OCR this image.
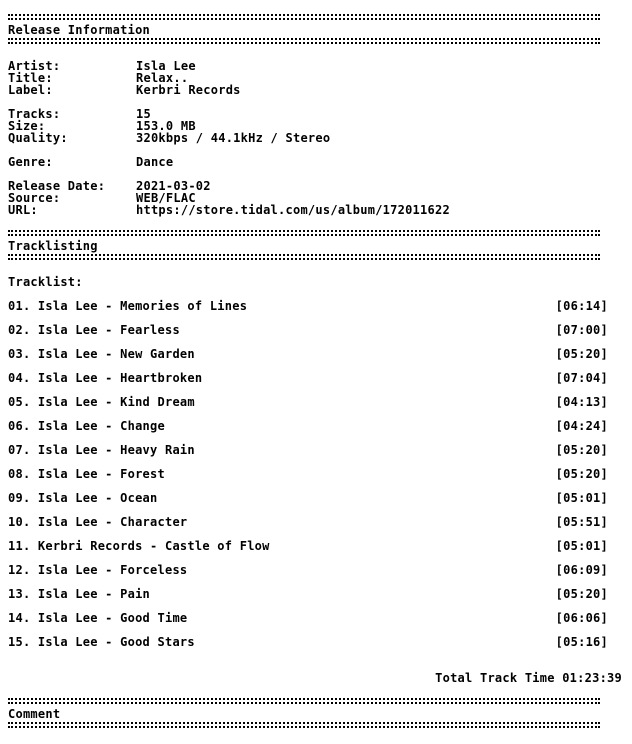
Release Information
Artist:	Isla Lee
Title:	Relax..
Label:	Kerbri Records
Tracks:	15
Size:	153.0 MB
Quality:	320kbps / 44.1kHz / Stereo
Genre:	Dance
Release Date:	2021-03-02
Source:	WEB/FLAC
URL:	https://store.tidal.com/us/album/172011622
Tracklisting
Tracklist:
01. Isla Lee - Memories of Lines	[06:14]
02. Isla Lee - Fearless	[07:00]
03. Isla Lee - New Garden	[05:20]
04. Isla Lee - Heartbroken	[07:04]
05. Isla Lee - Kind Dream	[04:13]
06. Isla Lee - Change	[04:24]
07. Isla Lee - Heavy Rain	[05:20]
08. Isla Lee - Forest	[05:20]
09. Isla Lee - Ocean	[05:01]
10. Isla Lee - Character	[05:51]
11. Kerbri Records - Castle of Flow	[05:01]
12. Isla Lee - Forceless	[06:09]
13. Isla Lee - Pain	[05:20]
14. Isla Lee - Good Time	[06:06]
15. Isla Lee - Good Stars	[05:16]
Total Track Time 01:23:39
Comment
